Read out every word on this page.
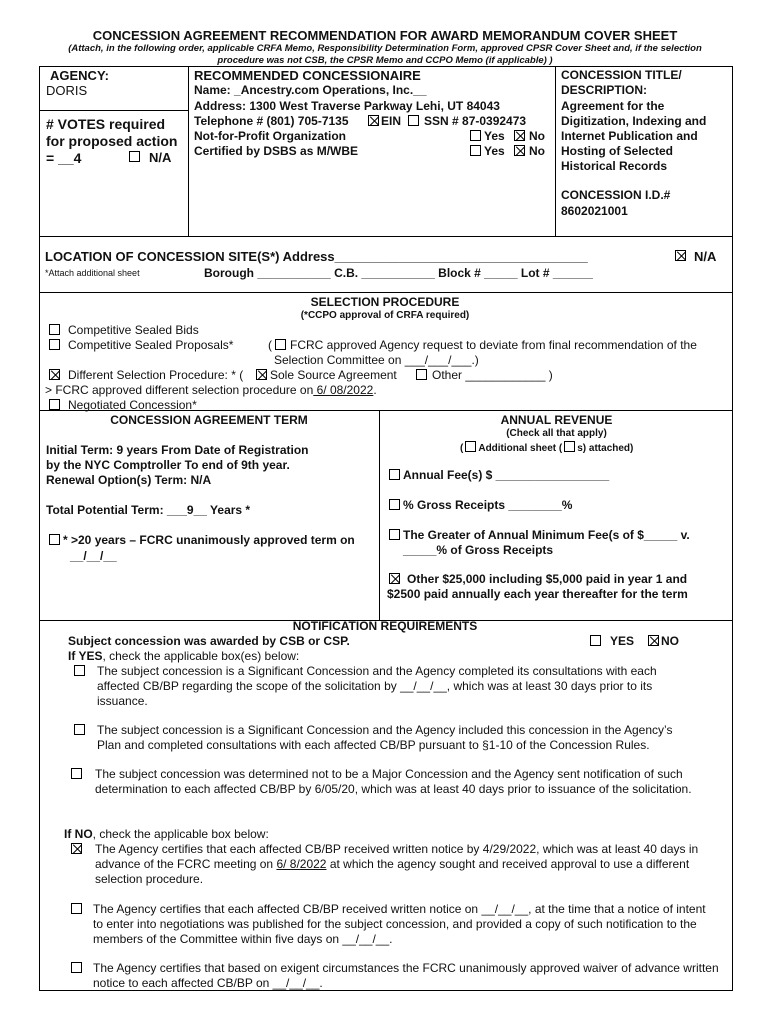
CONCESSION AGREEMENT RECOMMENDATION FOR AWARD MEMORANDUM COVER SHEET
(Attach, in the following order, applicable CRFA Memo, Responsibility Determination Form, approved CPSR Cover Sheet and, if the selection
procedure was not CSB, the CPSR Memo and CCPO Memo (if applicable) )
AGENCY:
DORIS
# VOTES required
for proposed action
= __4	N/A
RECOMMENDED CONCESSIONAIRE
Name: _Ancestry.com Operations, Inc.__
Address: 1300 West Traverse Parkway Lehi, UT 84043
Telephone # (801) 705-7135	EIN SSN # 87-0392473
Not-for-Profit Organization	Yes No
Certified by DSBS as M/WBE	Yes No
CONCESSION TITLE/
DESCRIPTION:
Agreement for the
Digitization, Indexing and
Internet Publication and
Hosting of Selected
Historical Records
CONCESSION I.D.#
8602021001
LOCATION OF CONCESSION SITE(S*) Address___________________________________	N/A
*Attach additional sheet	Borough ___________ C.B. ___________ Block # _____ Lot # ______
SELECTION PROCEDURE
(*CCPO approval of CRFA required)
Competitive Sealed Bids
Competitive Sealed Proposals*	( FCRC approved Agency request to deviate from final recommendation of the
Selection Committee on ___/___/___.)
Different Selection Procedure: * ( Sole Source Agreement	Other ____________ )
> FCRC approved different selection procedure on 6/ 08/2022.
Negotiated Concession*
CONCESSION AGREEMENT TERM
Initial Term: 9 years From Date of Registration
by the NYC Comptroller To end of 9th year.
Renewal Option(s) Term: N/A
Total Potential Term: ___9__ Years *
* >20 years – FCRC unanimously approved term on
__/__/__
ANNUAL REVENUE
(Check all that apply)
( Additional sheet ( s) attached)
Annual Fee(s) $ _________________
% Gross Receipts ________%
The Greater of Annual Minimum Fee(s of $_____ v.
_____% of Gross Receipts
Other $25,000 including $5,000 paid in year 1 and
$2500 paid annually each year thereafter for the term
NOTIFICATION REQUIREMENTS
Subject concession was awarded by CSB or CSP.	YES NO
If YES, check the applicable box(es) below:
The subject concession is a Significant Concession and the Agency completed its consultations with each affected CB/BP regarding the scope of the solicitation by __/__/__, which was at least 30 days prior to its issuance.
The subject concession is a Significant Concession and the Agency included this concession in the Agency’s Plan and completed consultations with each affected CB/BP pursuant to §1-10 of the Concession Rules.
The subject concession was determined not to be a Major Concession and the Agency sent notification of such determination to each affected CB/BP by 6/05/20, which was at least 40 days prior to issuance of the solicitation.
If NO, check the applicable box below:
The Agency certifies that each affected CB/BP received written notice by 4/29/2022, which was at least 40 days in advance of the FCRC meeting on 6/ 8/2022 at which the agency sought and received approval to use a different selection procedure.
The Agency certifies that each affected CB/BP received written notice on __/__/__, at the time that a notice of intent to enter into negotiations was published for the subject concession, and provided a copy of such notification to the members of the Committee within five days on __/__/__.
The Agency certifies that based on exigent circumstances the FCRC unanimously approved waiver of advance written notice to each affected CB/BP on __/__/__.
